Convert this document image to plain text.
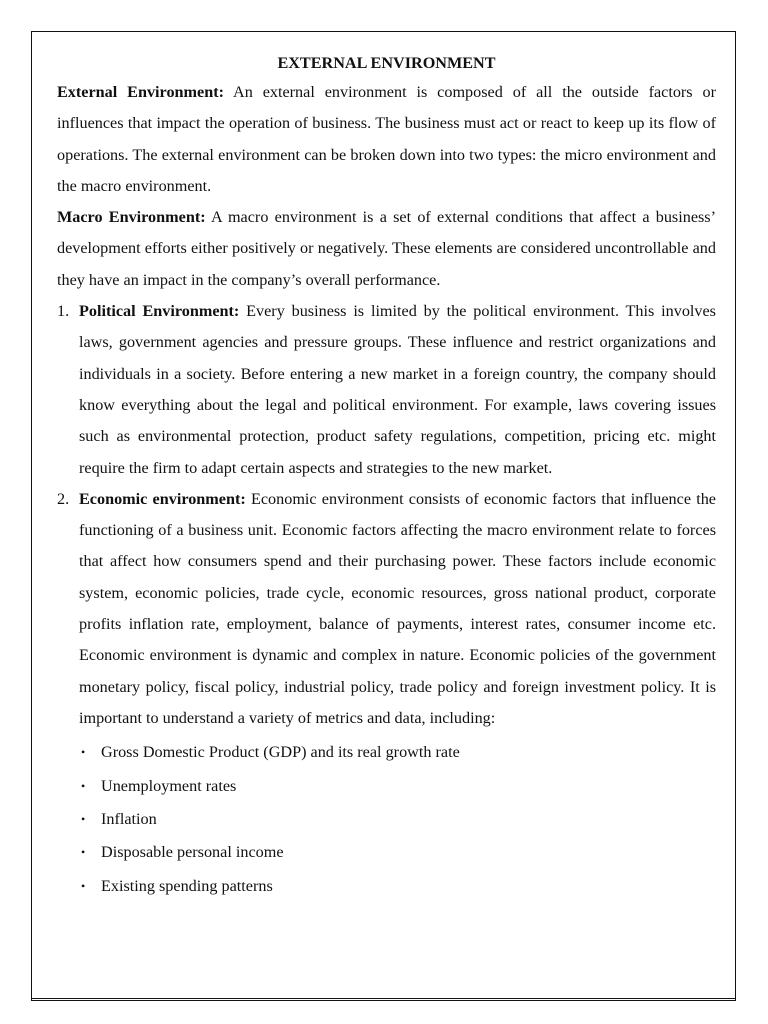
EXTERNAL ENVIRONMENT

External Environment: An external environment is composed of all the outside factors or influences that impact the operation of business. The business must act or react to keep up its flow of operations. The external environment can be broken down into two types: the micro environment and the macro environment.

Macro Environment: A macro environment is a set of external conditions that affect a business’ development efforts either positively or negatively. These elements are considered uncontrollable and they have an impact in the company’s overall performance.

1. Political Environment: Every business is limited by the political environment. This involves laws, government agencies and pressure groups. These influence and restrict organizations and individuals in a society. Before entering a new market in a foreign country, the company should know everything about the legal and political environment. For example, laws covering issues such as environmental protection, product safety regulations, competition, pricing etc. might require the firm to adapt certain aspects and strategies to the new market.
2. Economic environment: Economic environment consists of economic factors that influence the functioning of a business unit. Economic factors affecting the macro environment relate to forces that affect how consumers spend and their purchasing power. These factors include economic system, economic policies, trade cycle, economic resources, gross national product, corporate profits inflation rate, employment, balance of payments, interest rates, consumer income etc. Economic environment is dynamic and complex in nature. Economic policies of the government monetary policy, fiscal policy, industrial policy, trade policy and foreign investment policy. It is important to understand a variety of metrics and data, including:
• Gross Domestic Product (GDP) and its real growth rate
• Unemployment rates
• Inflation
• Disposable personal income
• Existing spending patterns
